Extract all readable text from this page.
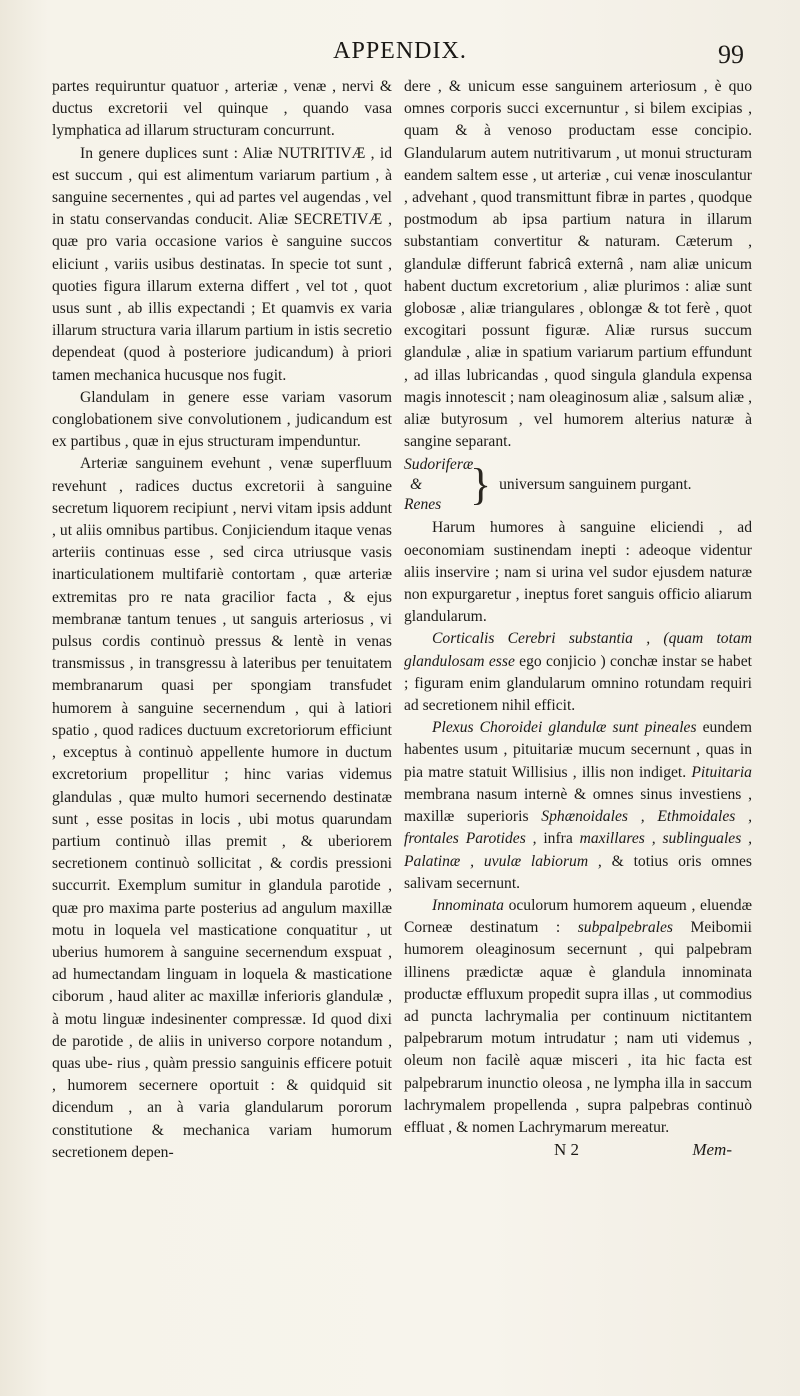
APPENDIX.	99

partes requiruntur quatuor , arteriæ , venæ , nervi & ductus excretorii vel quinque , quando vasa lymphatica ad illarum structuram concurrunt.

In genere duplices sunt : Aliæ NUTRITIVÆ , id est succum , qui est alimentum variarum partium , à sanguine secernentes , qui ad partes vel augendas , vel in statu conservandas conducit. Aliæ SECRETIVÆ , quæ pro varia occasione varios è sanguine succos eliciunt , variis usibus destinatas. In specie tot sunt , quoties figura illarum externa differt , vel tot , quot usus sunt , ab illis expectandi ; Et quamvis ex varia illarum structura varia illarum partium in istis secretio dependeat (quod à posteriore judicandum) à priori tamen mechanica hucusque nos fugit.

Glandulam in genere esse variam vasorum conglobationem sive convolutionem , judicandum est ex partibus , quæ in ejus structuram impenduntur.

Arteriæ sanguinem evehunt , venæ superfluum revehunt , radices ductus excretorii à sanguine secretum liquorem recipiunt , nervi vitam ipsis addunt , ut aliis omnibus partibus. Conjiciendum itaque venas arteriis continuas esse , sed circa utriusque vasis inarticulationem multifariè contortam , quæ arteriæ extremitas pro re nata gracilior facta , & ejus membranæ tantum tenues , ut sanguis arteriosus , vi pulsus cordis continuò pressus & lentè in venas transmissus , in transgressu à lateribus per tenuitatem membranarum quasi per spongiam transfudet humorem à sanguine secernendum , qui à latiori spatio , quod radices ductuum excretoriorum efficiunt , exceptus à continuò appellente humore in ductum excretorium propellitur ; hinc varias videmus glandulas , quæ multo humori secernendo destinatæ sunt , esse positas in locis , ubi motus quarundam partium continuò illas premit , & uberiorem secretionem continuò sollicitat , & cordis pressioni succurrit. Exemplum sumitur in glandula parotide , quæ pro maxima parte posterius ad angulum maxillæ motu in loquela vel masticatione conquatitur , ut uberius humorem à sanguine secernendum exspuat , ad humectandam linguam in loquela & masticatione ciborum , haud aliter ac maxillæ inferioris glandulæ , à motu linguæ indesinenter compressæ. Id quod dixi de parotide , de aliis in universo corpore notandum , quas ube- rius , quàm pressio sanguinis efficere potuit , humorem secernere oportuit : & quidquid sit dicendum , an à varia glandularum pororum constitutione & mechanica variam humorum secretionem depen-

dere , & unicum esse sanguinem arteriosum , è quo omnes corporis succi excernuntur , si bilem excipias , quam & à venoso productam esse concipio. Glandularum autem nutritivarum , ut monui structuram eandem saltem esse , ut arteriæ , cui venæ inosculantur , advehant , quod transmittunt fibræ in partes , quodque postmodum ab ipsa partium natura in illarum substantiam convertitur & naturam. Cæterum , glandulæ differunt fabricâ externâ , nam aliæ unicum habent ductum excretorium , aliæ plurimos : aliæ sunt globosæ , aliæ triangulares , oblongæ & tot ferè , quot excogitari possunt figuræ. Aliæ rursus succum glandulæ , aliæ in spatium variarum partium effundunt , ad illas lubricandas , quod singula glandula expensa magis innotescit ; nam oleaginosum aliæ , salsum aliæ , aliæ butyrosum , vel humorem alterius naturæ à sangine separant.

Sudoriferæ
&
Renes } universum sanguinem purgant.

Harum humores à sanguine eliciendi , ad oeconomiam sustinendam inepti : adeoque videntur aliis inservire ; nam si urina vel sudor ejusdem naturæ non expurgaretur , ineptus foret sanguis officio aliarum glandularum.

Corticalis Cerebri substantia , (quam totam glandulosam esse ego conjicio ) conchæ instar se habet ; figuram enim glandularum omnino rotundam requiri ad secretionem nihil efficit.

Plexus Choroidei glandulæ sunt pineales eundem habentes usum , pituitariæ mucum secernunt , quas in pia matre statuit Willisius , illis non indiget. Pituitaria membrana nasum internè & omnes sinus investiens , maxillæ superioris Sphænoidales , Ethmoidales , frontales Parotides , infra maxillares , sublinguales , Palatinæ , uvulæ labiorum , & totius oris omnes salivam secernunt.

Innominata oculorum humorem aqueum , eluendæ Corneæ destinatum : subpalpebrales Meibomii humorem oleaginosum secernunt , qui palpebram illinens prædictæ aquæ è glandula innominata productæ effluxum propedit supra illas , ut commodius ad puncta lachrymalia per continuum nictitantem palpebrarum motum intrudatur ; nam uti videmus , oleum non facilè aquæ misceri , ita hic facta est palpebrarum inunctio oleosa , ne lympha illa in saccum lachrymalem propellenda , supra palpebras continuò effluat , & nomen Lachrymarum mereatur.

N 2	Mem-
